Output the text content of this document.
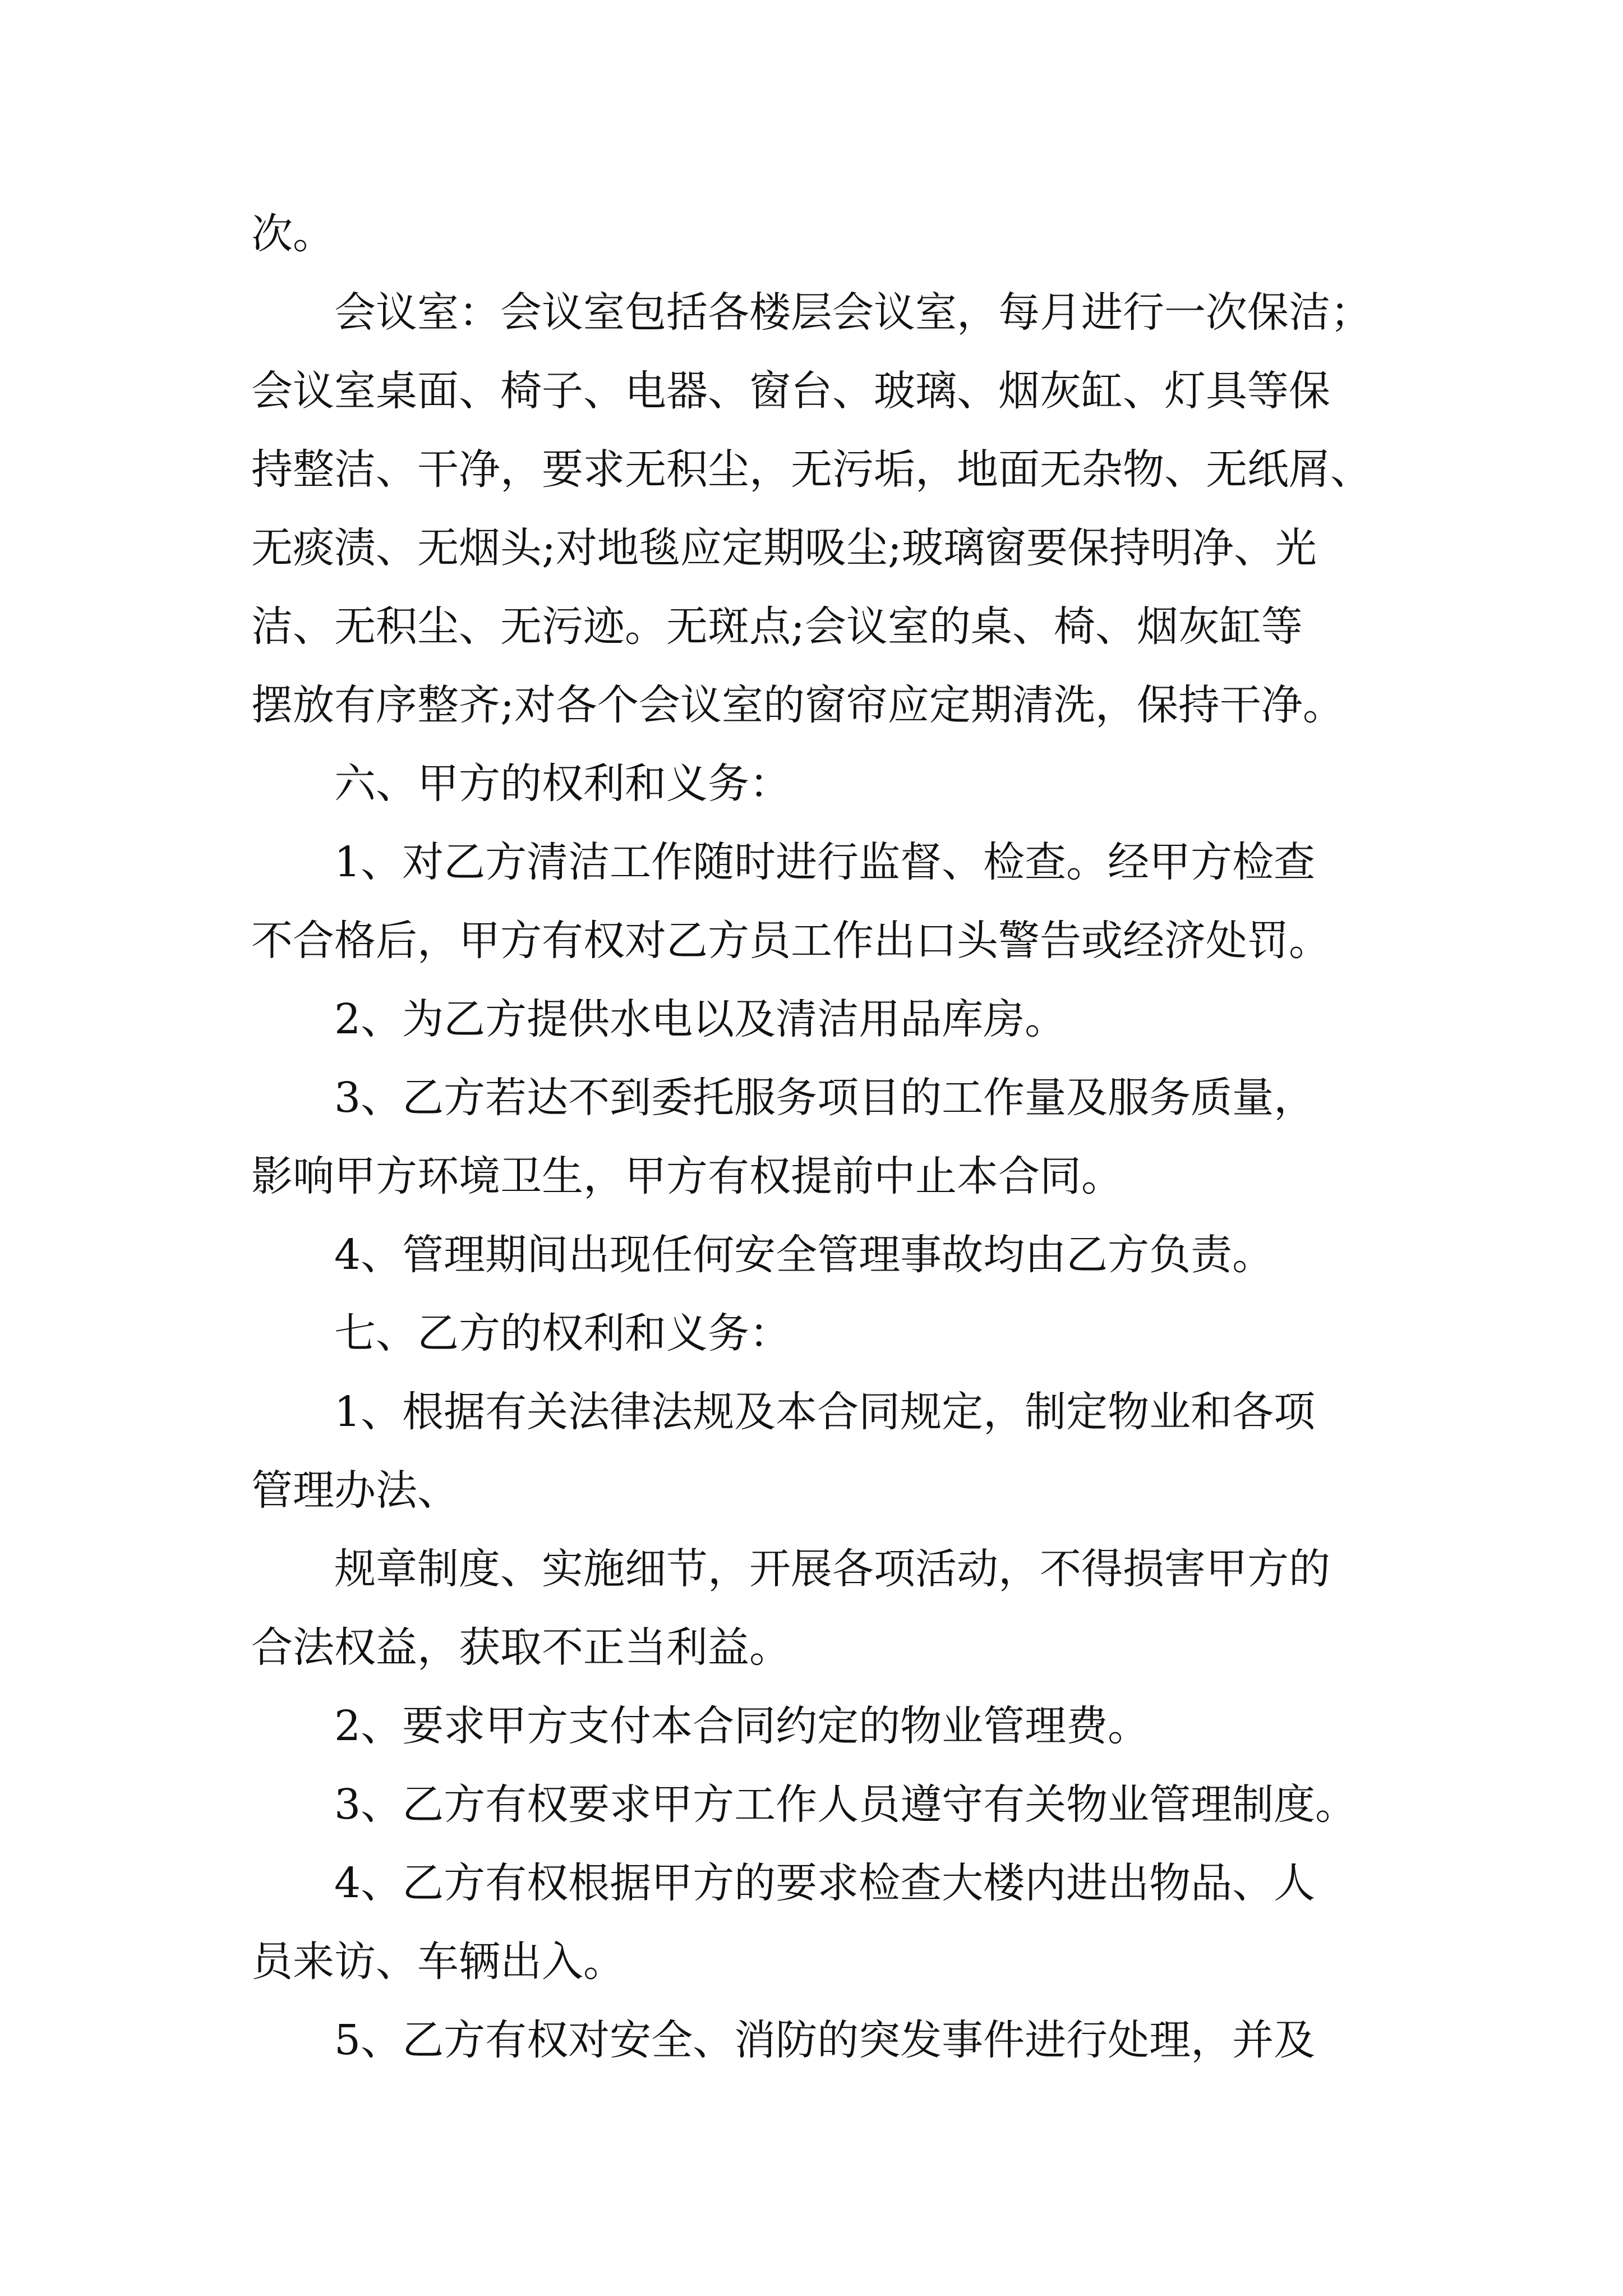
次。

会议室：会议室包括各楼层会议室，每月进行一次保洁；

会议室桌面、椅子、电器、窗台、玻璃、烟灰缸、灯具等保

持整洁、干净，要求无积尘，无污垢，地面无杂物、无纸屑、

无痰渍、无烟头;对地毯应定期吸尘;玻璃窗要保持明净、光

洁、无积尘、无污迹。无斑点;会议室的桌、椅、烟灰缸等

摆放有序整齐;对各个会议室的窗帘应定期清洗，保持干净。

六、甲方的权利和义务：

1、对乙方清洁工作随时进行监督、检查。经甲方检查

不合格后，甲方有权对乙方员工作出口头警告或经济处罚。

2、为乙方提供水电以及清洁用品库房。

3、乙方若达不到委托服务项目的工作量及服务质量，

影响甲方环境卫生，甲方有权提前中止本合同。

4、管理期间出现任何安全管理事故均由乙方负责。

七、乙方的权利和义务：

1、根据有关法律法规及本合同规定，制定物业和各项

管理办法、

规章制度、实施细节，开展各项活动，不得损害甲方的

合法权益，获取不正当利益。

2、要求甲方支付本合同约定的物业管理费。

3、乙方有权要求甲方工作人员遵守有关物业管理制度。

4、乙方有权根据甲方的要求检查大楼内进出物品、人

员来访、车辆出入。

5、乙方有权对安全、消防的突发事件进行处理，并及
